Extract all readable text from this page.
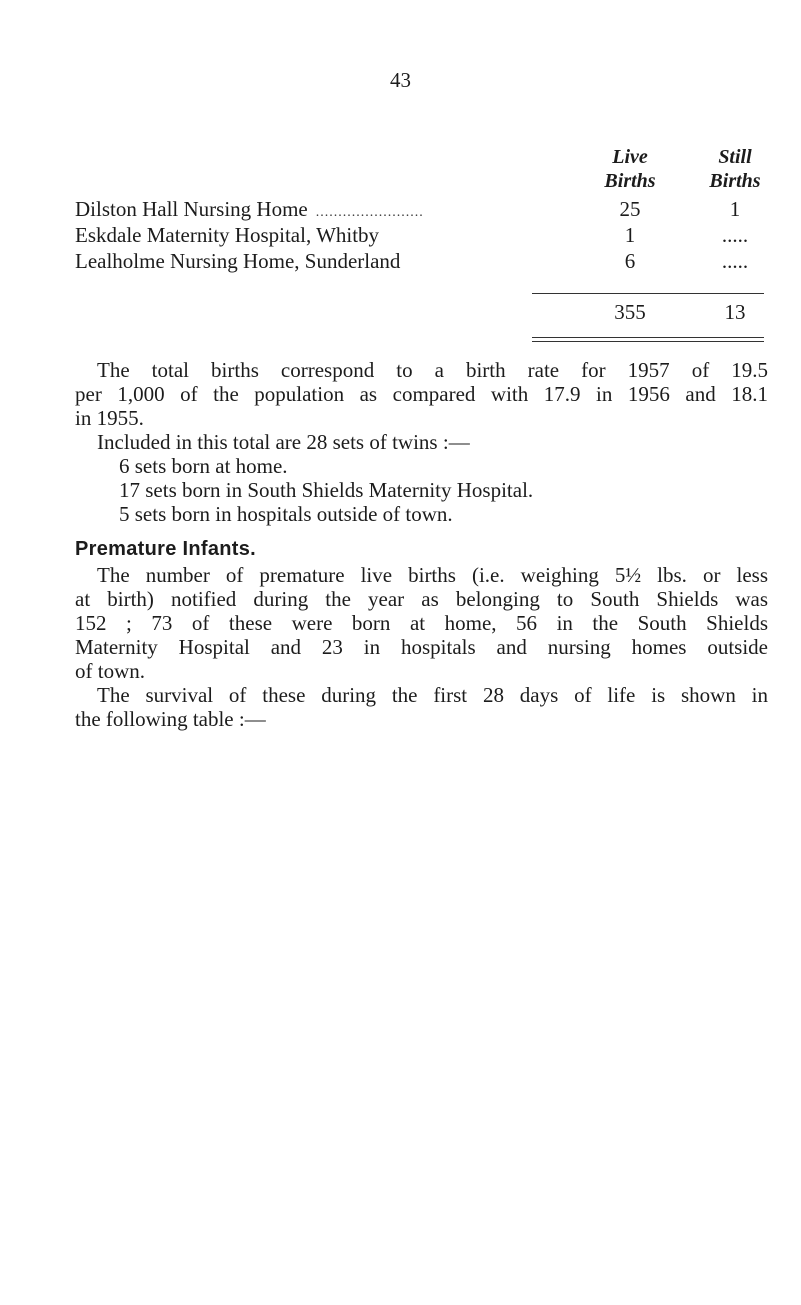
43
Live
Births
Still
Births
Dilston Hall Nursing Home ........................	25	1
Eskdale Maternity Hospital, Whitby	1	.....
Lealholme Nursing Home, Sunderland	6	.....
355	13
The total births correspond to a birth rate for 1957 of 19.5
per 1,000 of the population as compared with 17.9 in 1956 and 18.1
in 1955.
Included in this total are 28 sets of twins :—
6 sets born at home.
17 sets born in South Shields Maternity Hospital.
5 sets born in hospitals outside of town.
Premature Infants.
The number of premature live births (i.e. weighing 5½ lbs. or less
at birth) notified during the year as belonging to South Shields was
152 ; 73 of these were born at home, 56 in the South Shields
Maternity Hospital and 23 in hospitals and nursing homes outside
of town.
The survival of these during the first 28 days of life is shown in
the following table :—
